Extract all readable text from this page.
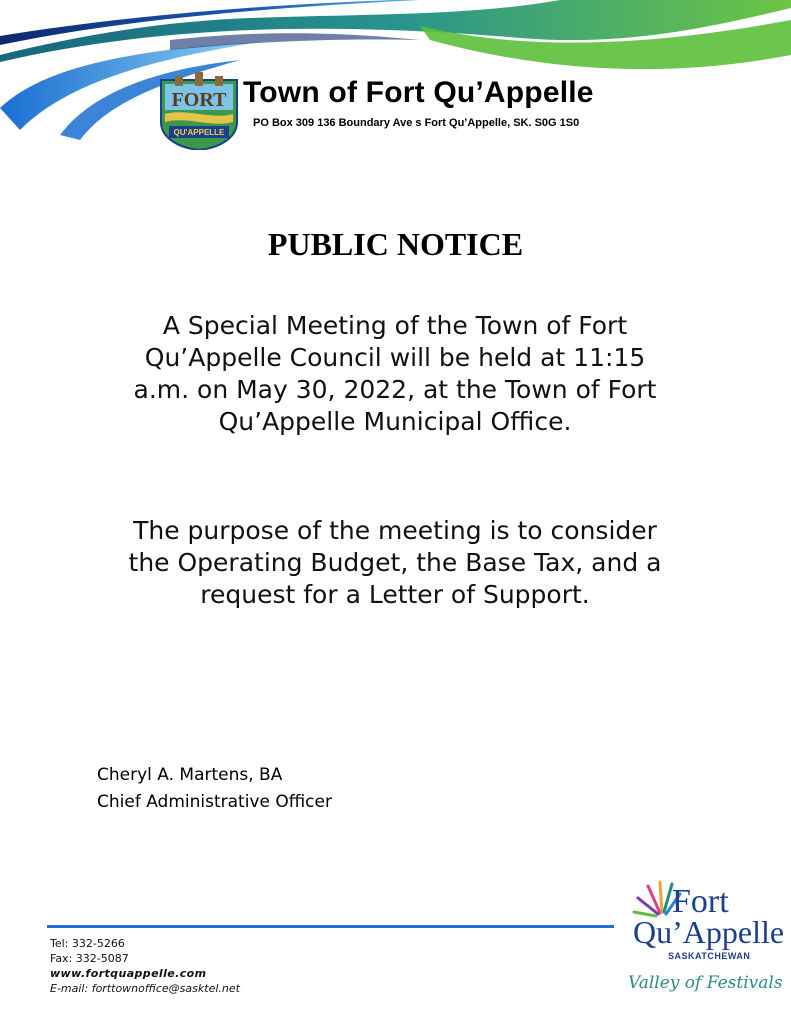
FORT
QU'APPELLE
Town of Fort Qu’Appelle
PO Box 309 136 Boundary Ave s Fort Qu’Appelle, SK. S0G 1S0
PUBLIC NOTICE
A Special Meeting of the Town of Fort
Qu’Appelle Council will be held at 11:15
a.m. on May 30, 2022, at the Town of Fort
Qu’Appelle Municipal Office.
The purpose of the meeting is to consider
the Operating Budget, the Base Tax, and a
request for a Letter of Support.
Cheryl A. Martens, BA
Chief Administrative Officer
Tel: 332-5266
Fax: 332-5087
www.fortquappelle.com
E-mail: forttownoffice@sasktel.net
Fort
Qu’Appelle
SASKATCHEWAN
Valley of Festivals
